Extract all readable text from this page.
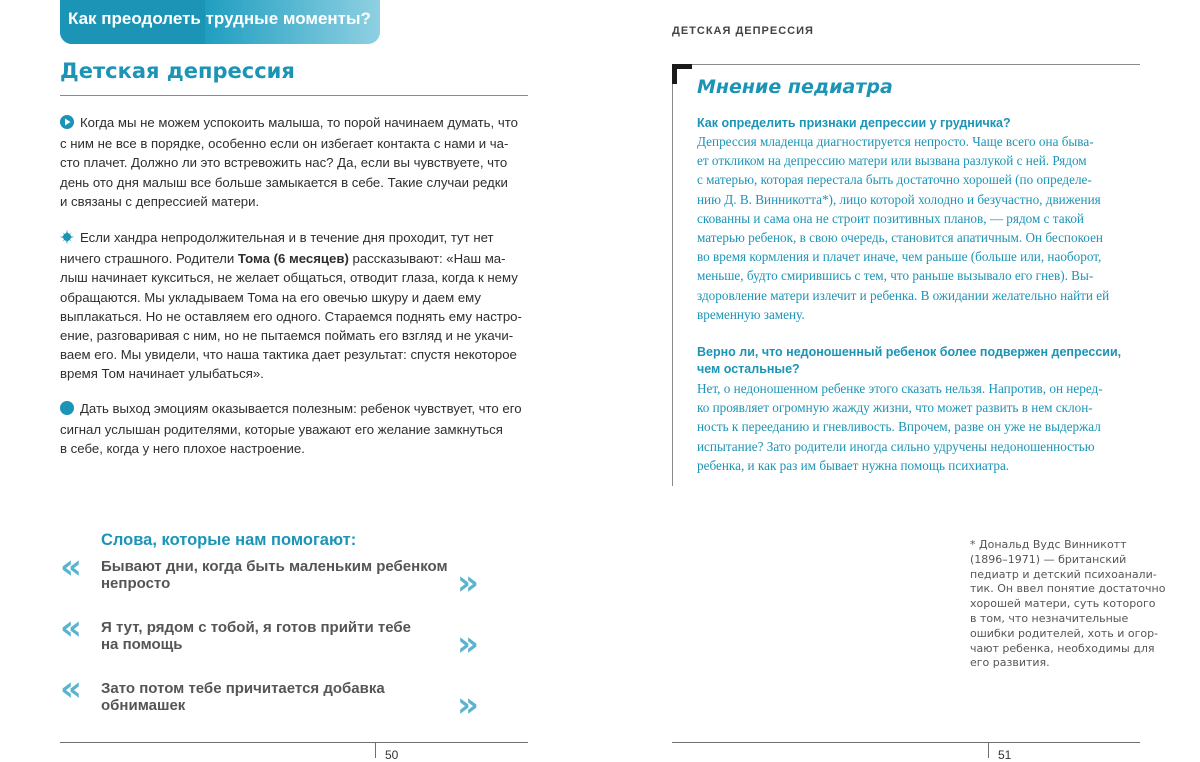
Как преодолеть трудные моменты?
Детская депрессия
Когда мы не можем успокоить малыша, то порой начинаем думать, что
с ним не все в порядке, особенно если он избегает контакта с нами и ча-
сто плачет. Должно ли это встревожить нас? Да, если вы чувствуете, что
день ото дня малыш все больше замыкается в себе. Такие случаи редки
и связаны с депрессией матери.
Если хандра непродолжительная и в течение дня проходит, тут нет
ничего страшного. Родители Тома (6 месяцев) рассказывают: «Наш ма-
лыш начинает кукситься, не желает общаться, отводит глаза, когда к нему
обращаются. Мы укладываем Тома на его овечью шкуру и даем ему
выплакаться. Но не оставляем его одного. Стараемся поднять ему настро-
ение, разговаривая с ним, но не пытаемся поймать его взгляд и не укачи-
ваем его. Мы увидели, что наша тактика дает результат: спустя некоторое
время Том начинает улыбаться».
Дать выход эмоциям оказывается полезным: ребенок чувствует, что его
сигнал услышан родителями, которые уважают его желание замкнуться
в себе, когда у него плохое настроение.
Слова, которые нам помогают:
« Бывают дни, когда быть маленьким ребенком
непросто	»
« Я тут, рядом с тобой, я готов прийти тебе
на помощь	»
« Зато потом тебе причитается добавка
обнимашек	»
50
ДЕТСКАЯ ДЕПРЕССИЯ
Мнение педиатра
Как определить признаки депрессии у грудничка?
Депрессия младенца диагностируется непросто. Чаще всего она быва-
ет откликом на депрессию матери или вызвана разлукой с ней. Рядом
с матерью, которая перестала быть достаточно хорошей (по определе-
нию Д. В. Винникотта*), лицо которой холодно и безучастно, движения
скованны и сама она не строит позитивных планов, — рядом с такой
матерью ребенок, в свою очередь, становится апатичным. Он беспокоен
во время кормления и плачет иначе, чем раньше (больше или, наоборот,
меньше, будто смирившись с тем, что раньше вызывало его гнев). Вы-
здоровление матери излечит и ребенка. В ожидании желательно найти ей
временную замену.
Верно ли, что недоношенный ребенок более подвержен депрессии,
чем остальные?
Нет, о недоношенном ребенке этого сказать нельзя. Напротив, он неред-
ко проявляет огромную жажду жизни, что может развить в нем склон-
ность к перееданию и гневливость. Впрочем, разве он уже не выдержал
испытание? Зато родители иногда сильно удручены недоношенностью
ребенка, и как раз им бывает нужна помощь психиатра.
* Дональд Вудс Винникотт
(1896–1971) — британский
педиатр и детский психоанали-
тик. Он ввел понятие достаточно
хорошей матери, суть которого
в том, что незначительные
ошибки родителей, хоть и огор-
чают ребенка, необходимы для
его развития.
51
